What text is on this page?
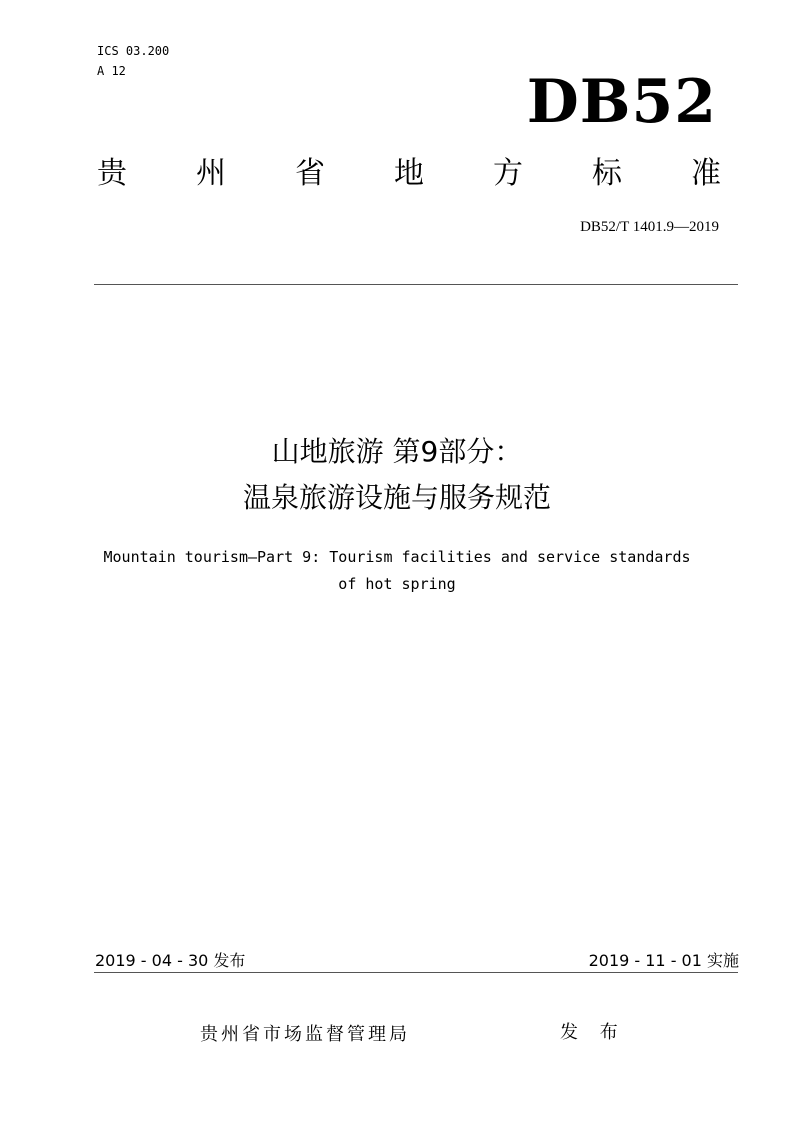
ICS 03.200
A 12	DB52
贵 州 省 地 方 标 准
DB52/T 1401.9—2019
山地旅游 第9部分：
温泉旅游设施与服务规范
Mountain tourism—Part 9: Tourism facilities and service standards
of hot spring
2019 - 04 - 30 发布	2019 - 11 - 01 实施
贵州省市场监督管理局	发 布
